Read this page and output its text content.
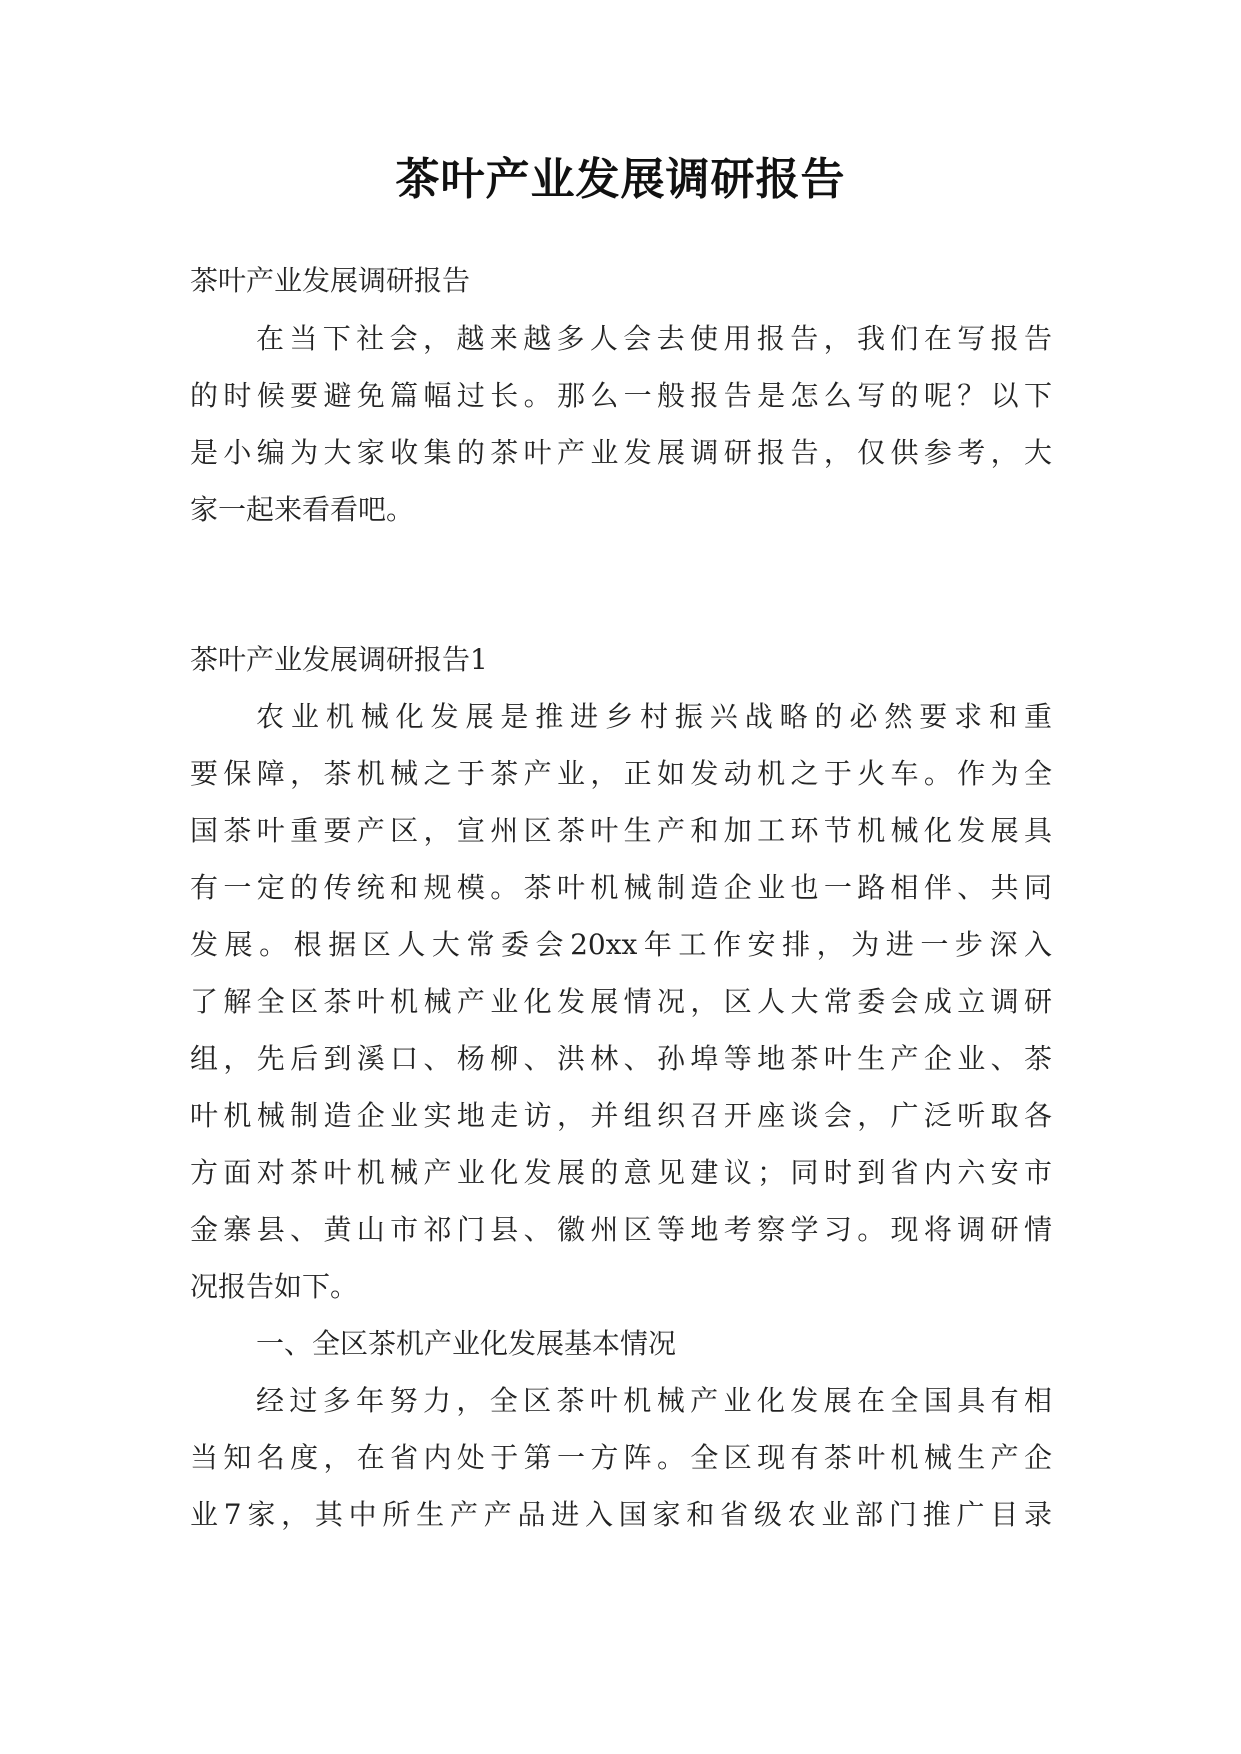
茶叶产业发展调研报告
茶叶产业发展调研报告
在当下社会，越来越多人会去使用报告，我们在写报告
的时候要避免篇幅过长。那么一般报告是怎么写的呢？以下
是小编为大家收集的茶叶产业发展调研报告，仅供参考，大
家一起来看看吧。
茶叶产业发展调研报告1
农业机械化发展是推进乡村振兴战略的必然要求和重
要保障，茶机械之于茶产业，正如发动机之于火车。作为全
国茶叶重要产区，宣州区茶叶生产和加工环节机械化发展具
有一定的传统和规模。茶叶机械制造企业也一路相伴、共同
发展。根据区人大常委会20xx年工作安排，为进一步深入
了解全区茶叶机械产业化发展情况，区人大常委会成立调研
组，先后到溪口、杨柳、洪林、孙埠等地茶叶生产企业、茶
叶机械制造企业实地走访，并组织召开座谈会，广泛听取各
方面对茶叶机械产业化发展的意见建议；同时到省内六安市
金寨县、黄山市祁门县、徽州区等地考察学习。现将调研情
况报告如下。
一、全区茶机产业化发展基本情况
经过多年努力，全区茶叶机械产业化发展在全国具有相
当知名度，在省内处于第一方阵。全区现有茶叶机械生产企
业7家，其中所生产产品进入国家和省级农业部门推广目录
